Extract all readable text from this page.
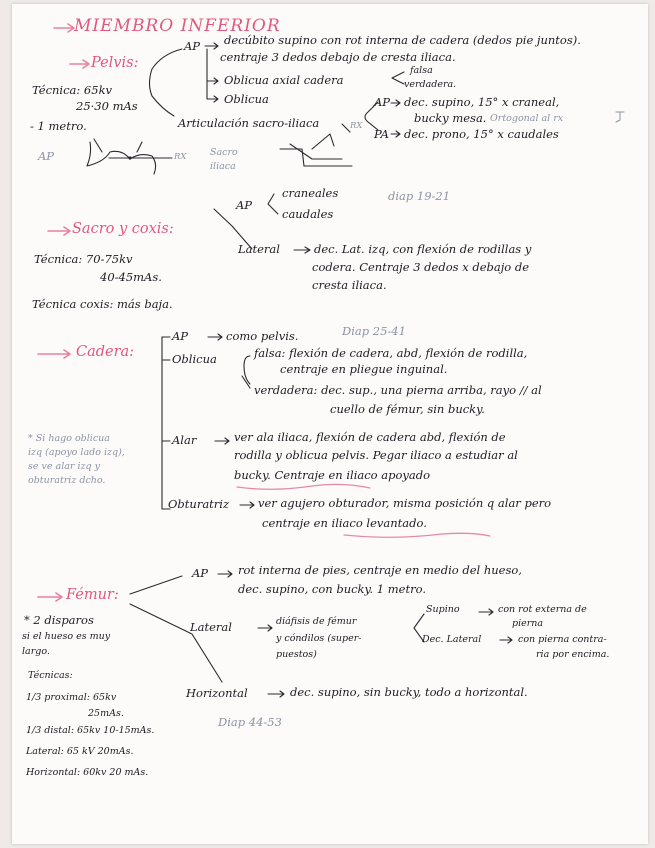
MIEMBRO INFERIOR
Pelvis:
Técnica: 65kv
25·30 mAs
- 1 metro.
AP decúbito supino con rot interna de cadera (dedos pie juntos).
centraje 3 dedos debajo de cresta iliaca.
Oblicua axial cadera
falsa
verdadera.
Oblicua
Articulación sacro-iliaca
AP dec. supino, 15° x craneal,
bucky mesa. Ortogonal al rx
PA dec. prono, 15° x caudales
AP	RX Sacro
iliaca
RX
Sacro y coxis:
Técnica: 70-75kv
40-45mAs.
Técnica coxis: más baja.
AP
craneales
caudales
diap 19-21
Lateral	dec. Lat. izq, con flexión de rodillas y
codera. Centraje 3 dedos x debajo de
cresta iliaca.
Cadera:
AP	como pelvis.	Diap 25-41
Oblicua	falsa: flexión de cadera, abd, flexión de rodilla,
centraje en pliegue inguinal.
verdadera: dec. sup., una pierna arriba, rayo // al
cuello de fémur, sin bucky.
* Si hago oblicua
izq (apoyo lado izq),
se ve alar izq y
obturatriz dcho.
Alar	ver ala iliaca, flexión de cadera abd, flexión de
rodilla y oblicua pelvis. Pegar iliaco a estudiar al
bucky. Centraje en iliaco apoyado
Obturatriz	ver agujero obturador, misma posición q alar pero
centraje en iliaco levantado.
Fémur:
* 2 disparos
si el hueso es muy
largo.
Técnicas:
1/3 proximal: 65kv
25mAs.
1/3 distal: 65kv 10-15mAs.
Lateral: 65 kV 20mAs.
Horizontal: 60kv 20 mAs.
AP	rot interna de pies, centraje en medio del hueso,
dec. supino, con bucky. 1 metro.
Lateral	diáfisis de fémur
y cóndilos (super-
puestos)
Supino	con rot externa de
pierna
Dec. Lateral	con pierna contra-
ria por encima.
Horizontal	dec. supino, sin bucky, todo a horizontal.
Diap 44-53
